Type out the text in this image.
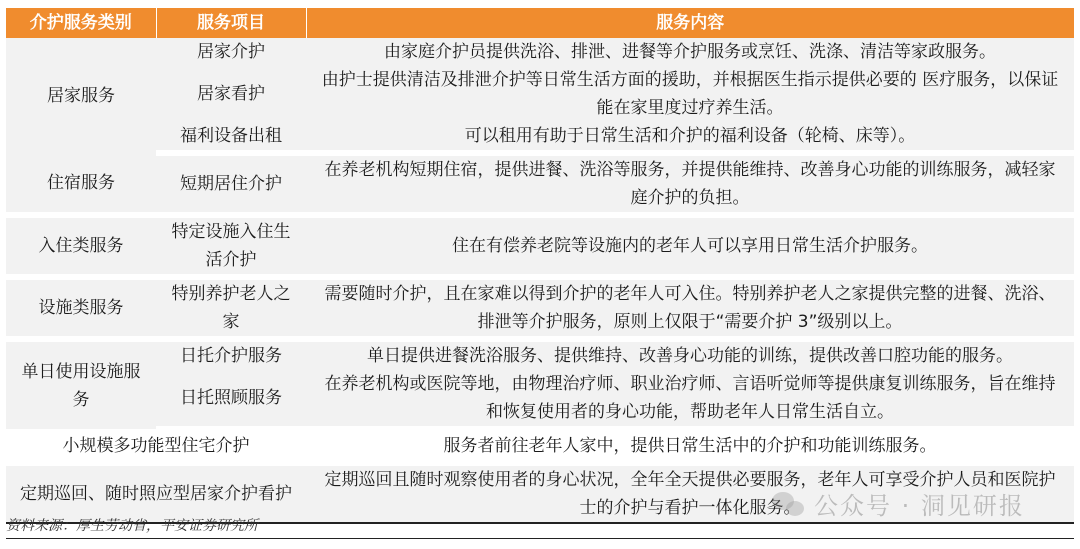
介护服务类别	服务项目	服务内容
居家服务	居家介护	由家庭介护员提供洗浴、排泄、进餐等介护服务或烹饪、洗涤、清洁等家政服务。
	居家看护	由护士提供清洁及排泄介护等日常生活方面的援助，并根据医生指示提供必要的 医疗服务，以保证能在家里度过疗养生活。
	福利设备出租	可以租用有助于日常生活和介护的福利设备（轮椅、床等）。
住宿服务	短期居住介护	在养老机构短期住宿，提供进餐、洗浴等服务，并提供能维持、改善身心功能的训练服务，减轻家庭介护的负担。
入住类服务	特定设施入住生活介护	住在有偿养老院等设施内的老年人可以享用日常生活介护服务。
设施类服务	特别养护老人之家	需要随时介护，且在家难以得到介护的老年人可入住。特别养护老人之家提供完整的进餐、洗浴、排泄等介护服务，原则上仅限于“需要介护 3”级别以上。
单日使用设施服务	日托介护服务	单日提供进餐洗浴服务、提供维持、改善身心功能的训练，提供改善口腔功能的服务。
	日托照顾服务	在养老机构或医院等地，由物理治疗师、职业治疗师、言语听觉师等提供康复训练服务，旨在维持和恢复使用者的身心功能，帮助老年人日常生活自立。
小规模多功能型住宅介护		服务者前往老年人家中，提供日常生活中的介护和功能训练服务。
定期巡回、随时照应型居家介护看护		定期巡回且随时观察使用者的身心状况，全年全天提供必要服务，老年人可享受介护人员和医院护士的介护与看护一体化服务。 公众号 · 洞见研报
资料来源：厚生劳动省，平安证券研究所
